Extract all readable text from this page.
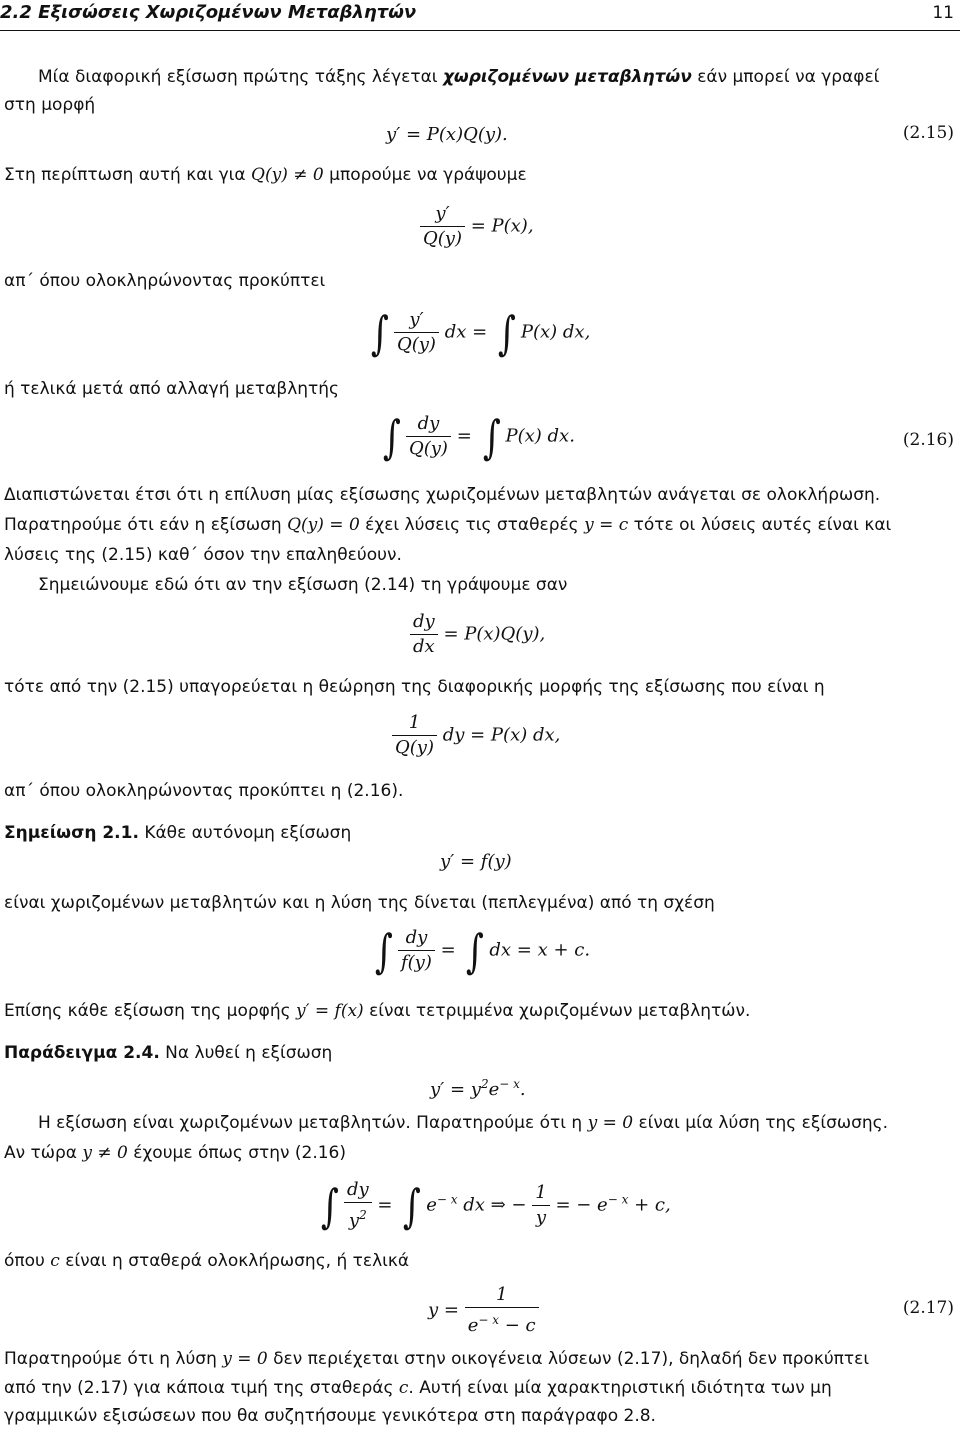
2.2 Εξισώσεις Χωριζομένων Μεταβλητών	11
Μία διαφορική εξίσωση πρώτης τάξης λέγεται χωριζομένων μεταβλητών εάν μπορεί να γραφεί
στη μορφή
y′ = P(x)Q(y).	(2.15)
Στη περίπτωση αυτή και για Q(y) ≠ 0 μπορούμε να γράψουμε
$\frac{y'}{Q(y)} = P(x)$,
απ΄ όπου ολοκληρώνοντας προκύπτει
∫ $\frac{y'}{Q(y)}$ dx = ∫ P(x) dx,
ή τελικά μετά από αλλαγή μεταβλητής
∫ $\frac{dy}{Q(y)}$ = ∫ P(x) dx.	(2.16)
Διαπιστώνεται έτσι ότι η επίλυση μίας εξίσωσης χωριζομένων μεταβλητών ανάγεται σε ολοκλήρωση.
Παρατηρούμε ότι εάν η εξίσωση Q(y) = 0 έχει λύσεις τις σταθερές y = c τότε οι λύσεις αυτές είναι και
λύσεις της (2.15) καθ΄ όσον την επαληθεύουν.
Σημειώνουμε εδώ ότι αν την εξίσωση (2.14) τη γράψουμε σαν
$\frac{dy}{dx} = P(x)Q(y)$,
τότε από την (2.15) υπαγορεύεται η θεώρηση της διαφορικής μορφής της εξίσωσης που είναι η
$\frac{1}{Q(y)}$ dy = P(x) dx,
απ΄ όπου ολοκληρώνοντας προκύπτει η (2.16).
Σημείωση 2.1. Κάθε αυτόνομη εξίσωση
y′ = f(y)
είναι χωριζομένων μεταβλητών και η λύση της δίνεται (πεπλεγμένα) από τη σχέση
∫ $\frac{dy}{f(y)}$ = ∫ dx = x + c.
Επίσης κάθε εξίσωση της μορφής y′ = f(x) είναι τετριμμένα χωριζομένων μεταβλητών.
Παράδειγμα 2.4. Να λυθεί η εξίσωση
$y' = y^2e^{- x}$.
Η εξίσωση είναι χωριζομένων μεταβλητών. Παρατηρούμε ότι η y = 0 είναι μία λύση της εξίσωσης.
Αν τώρα y ≠ 0 έχουμε όπως στην (2.16)
∫ $\frac{dy}{y^2}$ = ∫ $e^{- x}$ dx ⇒ − $\frac{1}{y}$ = − $e^{- x} + c$,
όπου c είναι η σταθερά ολοκλήρωσης, ή τελικά
$y = \frac{1}{e^{- x} - c}$	(2.17)
Παρατηρούμε ότι η λύση y = 0 δεν περιέχεται στην οικογένεια λύσεων (2.17), δηλαδή δεν προκύπτει
από την (2.17) για κάποια τιμή της σταθεράς c. Αυτή είναι μία χαρακτηριστική ιδιότητα των μη
γραμμικών εξισώσεων που θα συζητήσουμε γενικότερα στη παράγραφο 2.8.
